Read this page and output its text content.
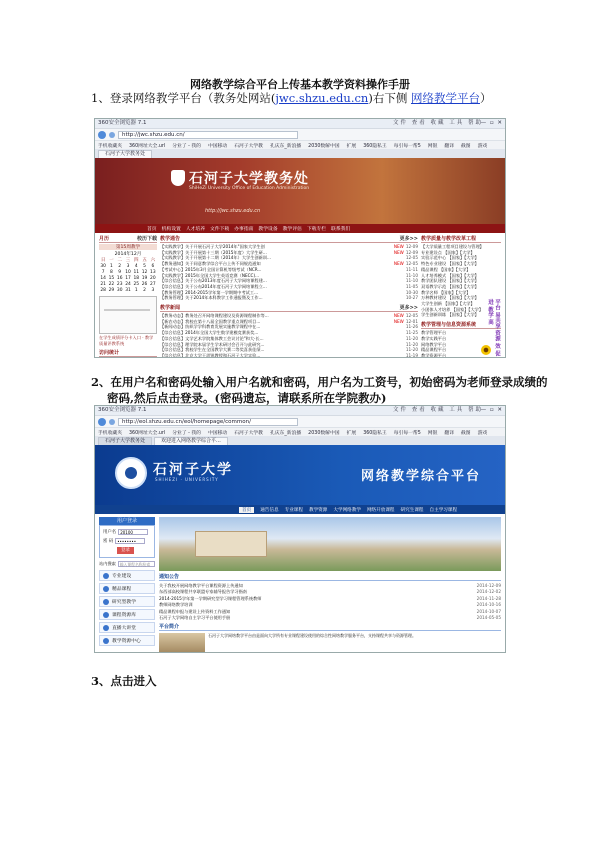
网络教学综合平台上传基本教学资料操作手册
1、登录网络教学平台（教务处网站(jwc.shzu.edu.cn)右下侧 网络教学平台）
360安全浏览器 7.1	文件 查看 收藏 工具 帮助
— ▫ ✕
http://jwc.shzu.edu.cn/
手机收藏夹 360网址大全.url 分业了 - 我的 中国移动 石河子大学教 孔庆东_新浪播 2030数解中国 扩展 360隐私王 每引每一帮5 网银 翻译 截图 游戏
石河子大学教务处
石河子大学教务处
ShiHeZi University Office of Education Administration
http://jwc.shzu.edu.cn
首页 机构设置 人才培养 文件下载 办事指南 教学设备 教学评估 下载专栏 联系我们
月历	校历下载
第15周教学
2014年12月
日 一 二 三 四 五 六
30 1	2	3	4	5	6
7	8	9 10 11 12 13
14 15 16 17 18 19 20
21 22 23 24 25 26 27
28 29 30 31 1	2	3
在学生成绩评分卡入口 · 教学质量评教系统
访问统计
教学通告	更多>>
【实践教学】关于开展石河子大学2014年"国家大学生创	NEW 12-09
【实践教学】关于开展第十三期（2015年度）大学生研...	NEW 12-09
【实践教学】关于开展第十二期（2014年）大学生创新训...	12-05
【教务通知】关于同意教学综合平台上传不同规范通知	NEW 12-05
【考试中心】2015年3月全国计算机等级考试（NCR...	11-11
【实践教学】2015年全国大学生英语竞赛（NECC)...	11-10
【综合信息】关于公布2013年度石河子大学网络课程建...	11-10
【综合信息】关于公布2014年度石河子大学网络课程立...	11-05
【教务管理】2014-2015学年第一学期期中考试工...	10-30
【教务管理】关于2014年本科教学工作通报暨及工作...	10-27
教学新闻	更多>>
【教务动态】教务处召开网络课程建设及资源课程制作等...	NEW 12-05
【新农动态】我校在第十八届全国教学重点课程项目...	NEW 12-01
【新闻动态】纺织学学科教育发展实施教学课程中在...	11-26
【综合信息】2014年全国大学生数学建模竞赛获奖...	11-25
【综合信息】文学艺术学院集体教工会议讨论"和大·长...	11-20
【综合信息】理学院本届学生学术研讨会召开与此研究...	11-20
【综合信息】我校学生在全国教学大赛二等奖喜获佳绩...	11-20
【综合信息】北京大学王思锐教授和石河子大学实验...	11-19
教学质量与教学改革工程
【大学质量工程项目建设与管理】
专业建设点 【国家】【大学】
实验示范中心 【国家】【大学】
特色专业建设 【国家】【大学】
精品课程 【国家】【大学】
人才培养模式 【国家】【大学】
教学团队建设 【国家】【大学】
双语教学示范 【国家】【大学】
教学名师 【国家】【大学】
万种教材建设 【国家】【大学】
大学生创新 【国家】【大学】
小团体人才培养 【国家】【大学】
学生创新训练 【国家】【大学】
教学管理与信息资源系统
教学管理平台
教学实践平台
网络教学平台
精品课程平台
教学资源平台	平台 易共享 资源 效 促进 教学 高
2、在用户名和密码处输入用户名就和密码，用户名为工资号，初始密码为老师登录成绩的
密码,然后点击登录。(密码遗忘，请联系所在学院教办)
360安全浏览器 7.1	文件 查看 收藏 工具 帮助
— ▫ ✕
http://eol.shzu.edu.cn/eol/homepage/common/
手机收藏夹 360网址大全.url 分业了 - 我的 中国移动 石河子大学教 孔庆东_新浪播 2030数解中国 扩展 360隐私王 每引每一帮5 网银 翻译 截图 游戏
石河子大学教务处	欢迎进入网络教学综合平...
石河子大学
SHIHEZI · UNIVERSITY	网络教学综合平台
首页	通告信息 专业课程 教学资源 大学网络教学 网络开放课程 研究生课程 自主学习课程
用户登录
用户名
20100
密 码
••••••••
登录
站内搜索	输入课程名称检索
专业建设
精品课程
研究型教学
课程资源库
直播大讲堂
教学资源中心
通知公告
关于我校开展网络教学平台课程资源上传通知	2014-12-09
东西部高校课程共享联盟专家辅导报告学习指南	2014-12-02
2014-2015学年第一学期研究型学习课程管理系统教师	2014-11-28
教师网络教学培训	2014-10-16
精品课程申报与建设上传资料工作通知	2014-10-07
石河子大学网络自主学习平台使用手册	2014-05-05
平台简介
石河子大学网络教学平台由是面向大学所有专业课程建设使用的综合性网络教学服务平台，支持课程共享与资源管理。
3、点击进入
